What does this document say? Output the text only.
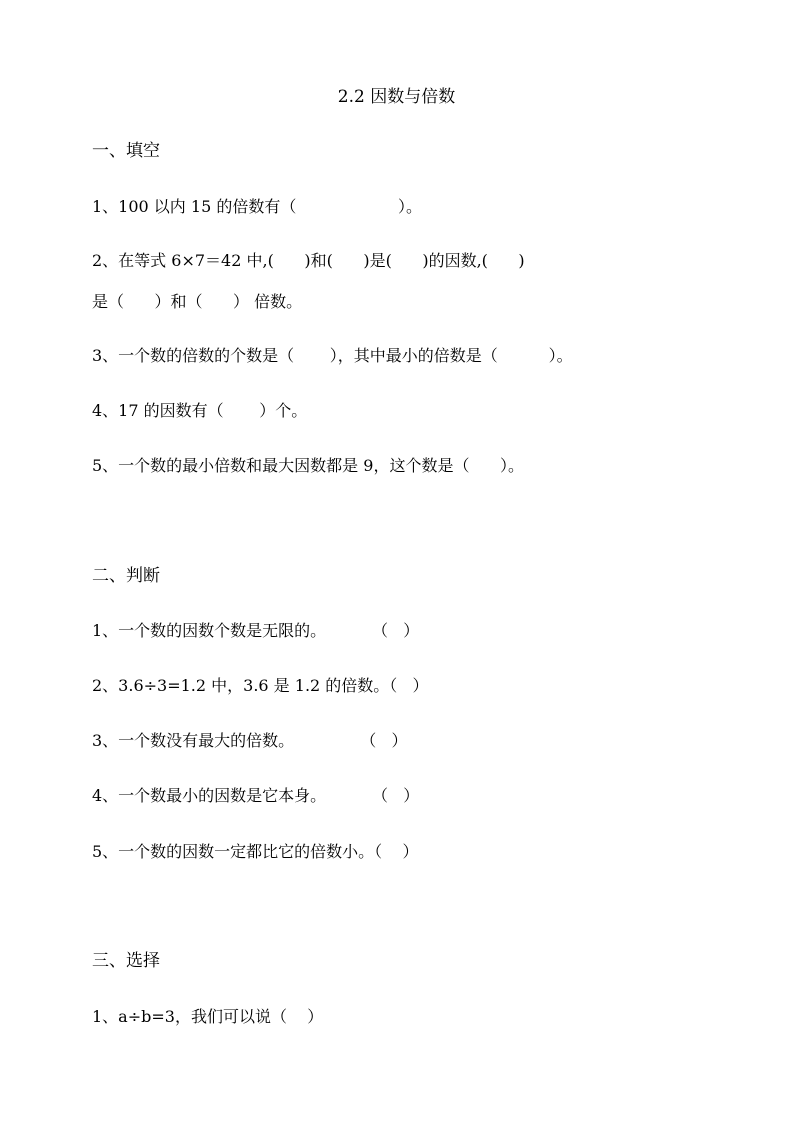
2.2 因数与倍数
一、填空
1、100 以内 15 的倍数有（                    ）。
2、在等式 6×7＝42 中,(      )和(      )是(      )的因数,(      )
是（      ）和（      ） 倍数。
3、一个数的倍数的个数是（       ），其中最小的倍数是（          ）。
4、17 的因数有（       ）个。
5、一个数的最小倍数和最大因数都是 9，这个数是（      ）。
二、判断
1、一个数的因数个数是无限的。         （   ）
2、3.6÷3=1.2 中，3.6 是 1.2 的倍数。（   ）
3、一个数没有最大的倍数。             （   ）
4、一个数最小的因数是它本身。         （   ）
5、一个数的因数一定都比它的倍数小。（    ）
三、选择
1、a÷b=3，我们可以说（    ）
